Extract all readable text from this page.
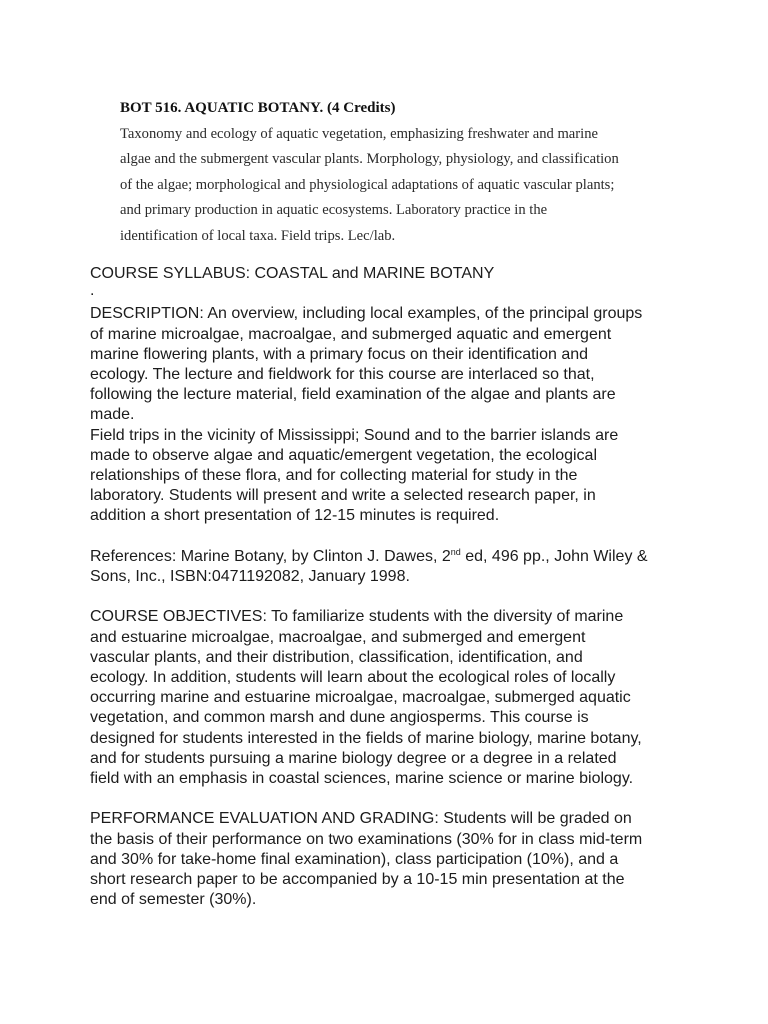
BOT 516. AQUATIC BOTANY. (4 Credits)
Taxonomy and ecology of aquatic vegetation, emphasizing freshwater and marine
algae and the submergent vascular plants. Morphology, physiology, and classification
of the algae; morphological and physiological adaptations of aquatic vascular plants;
and primary production in aquatic ecosystems. Laboratory practice in the
identification of local taxa. Field trips. Lec/lab.

COURSE SYLLABUS: COASTAL and MARINE BOTANY

.

DESCRIPTION: An overview, including local examples, of the principal groups
of marine microalgae, macroalgae, and submerged aquatic and emergent
marine flowering plants, with a primary focus on their identification and
ecology. The lecture and fieldwork for this course are interlaced so that,
following the lecture material, field examination of the algae and plants are
made.

Field trips in the vicinity of Mississippi; Sound and to the barrier islands are
made to observe algae and aquatic/emergent vegetation, the ecological
relationships of these flora, and for collecting material for study in the
laboratory. Students will present and write a selected research paper, in
addition a short presentation of 12-15 minutes is required.

References: Marine Botany, by Clinton J. Dawes, 2nd ed, 496 pp., John Wiley &
Sons, Inc., ISBN:0471192082, January 1998.

COURSE OBJECTIVES: To familiarize students with the diversity of marine
and estuarine microalgae, macroalgae, and submerged and emergent
vascular plants, and their distribution, classification, identification, and
ecology. In addition, students will learn about the ecological roles of locally
occurring marine and estuarine microalgae, macroalgae, submerged aquatic
vegetation, and common marsh and dune angiosperms. This course is
designed for students interested in the fields of marine biology, marine botany,
and for students pursuing a marine biology degree or a degree in a related
field with an emphasis in coastal sciences, marine science or marine biology.

PERFORMANCE EVALUATION AND GRADING: Students will be graded on
the basis of their performance on two examinations (30% for in class mid-term
and 30% for take-home final examination), class participation (10%), and a
short research paper to be accompanied by a 10-15 min presentation at the
end of semester (30%).
